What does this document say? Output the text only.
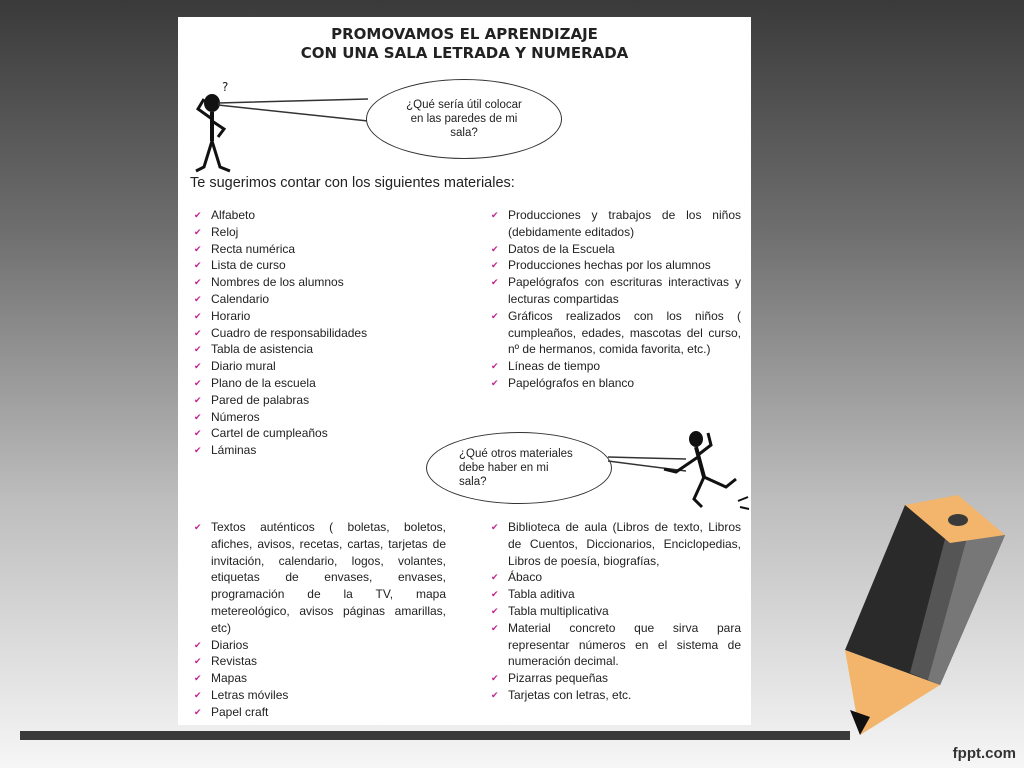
PROMOVAMOS EL APRENDIZAJE
CON UNA SALA LETRADA Y NUMERADA
?
¿Qué sería útil colocar en las paredes de mi sala?
Te sugerimos contar con los siguientes materiales:
✔ Alfabeto
✔ Reloj
✔ Recta numérica
✔ Lista de curso
✔ Nombres de los alumnos
✔ Calendario
✔ Horario
✔ Cuadro de responsabilidades
✔ Tabla de asistencia
✔ Diario mural
✔ Plano de la escuela
✔ Pared de palabras
✔ Números
✔ Cartel de cumpleaños
✔ Láminas
✔ Producciones y trabajos de los niños (debidamente editados)
✔ Datos de la Escuela
✔ Producciones hechas por los alumnos
✔ Papelógrafos con escrituras interactivas y lecturas compartidas
✔ Gráficos realizados con los niños ( cumpleaños, edades, mascotas del curso, nº de hermanos, comida favorita, etc.)
✔ Líneas de tiempo
✔ Papelógrafos en blanco
¿Qué otros materiales debe haber en mi sala?
✔ Textos auténticos ( boletas, boletos, afiches, avisos, recetas, cartas, tarjetas de invitación, calendario, logos, volantes, etiquetas de envases, envases, programación de la TV, mapa metereológico, avisos páginas amarillas, etc)
✔ Diarios
✔ Revistas
✔ Mapas
✔ Letras móviles
✔ Papel craft
✔ Biblioteca de aula (Libros de texto, Libros de Cuentos, Diccionarios, Enciclopedias, Libros de poesía, biografías,
✔ Ábaco
✔ Tabla aditiva
✔ Tabla multiplicativa
✔ Material concreto que sirva para representar números en el sistema de numeración decimal.
✔ Pizarras pequeñas
✔ Tarjetas con letras, etc.
fppt.com
